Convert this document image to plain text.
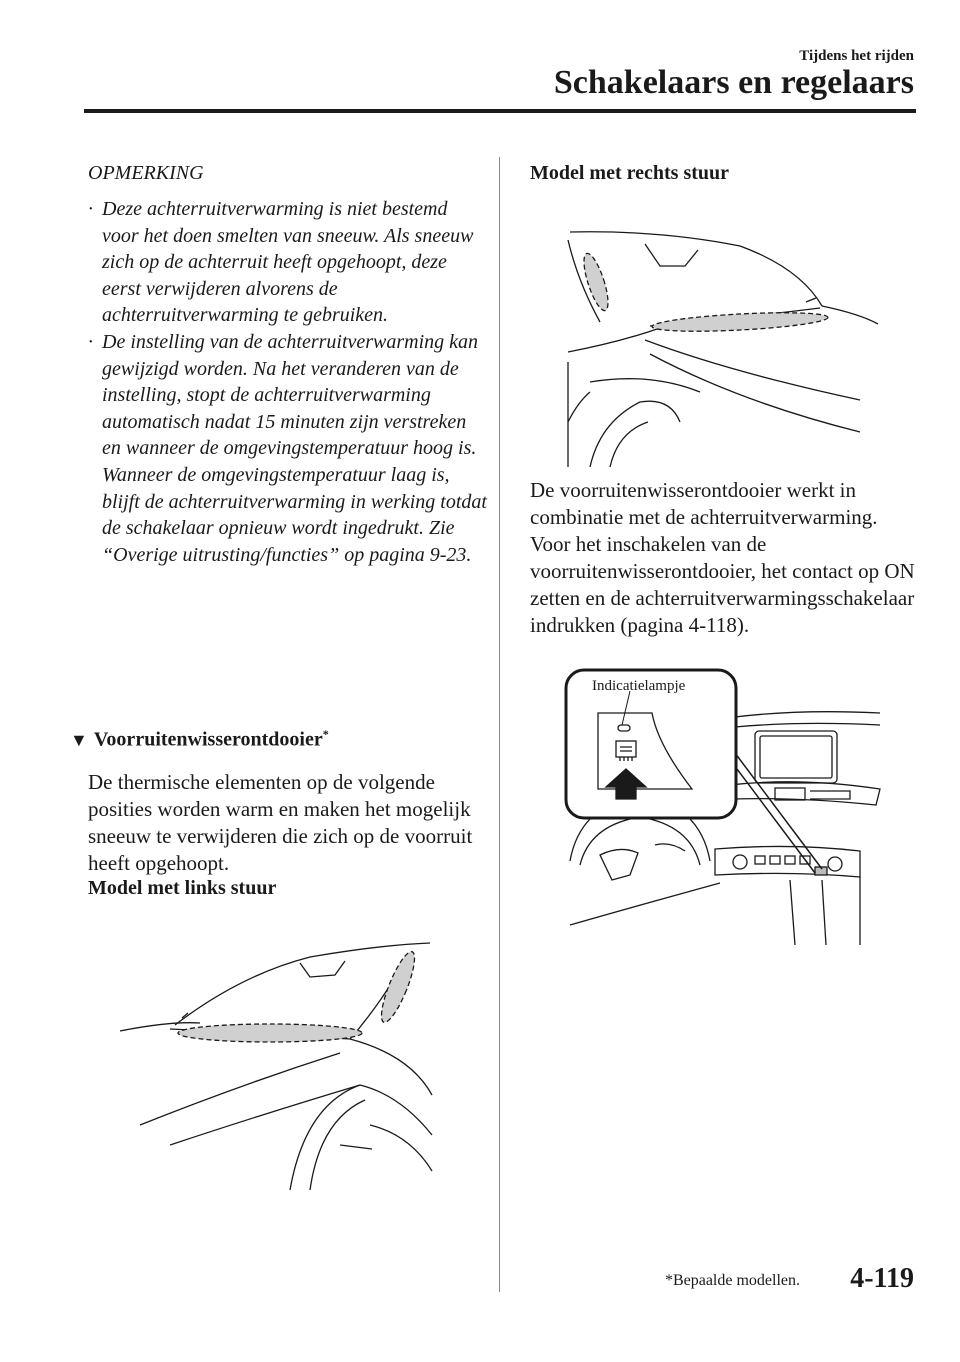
Tijdens het rijden
Schakelaars en regelaars
OPMERKING
· Deze achterruitverwarming is niet bestemd voor het doen smelten van sneeuw. Als sneeuw zich op de achterruit heeft opgehoopt, deze eerst verwijderen alvorens de achterruitverwarming te gebruiken.
· De instelling van de achterruitverwarming kan gewijzigd worden. Na het veranderen van de instelling, stopt de achterruitverwarming automatisch nadat 15 minuten zijn verstreken en wanneer de omgevingstemperatuur hoog is. Wanneer de omgevingstemperatuur laag is, blijft de achterruitverwarming in werking totdat de schakelaar opnieuw wordt ingedrukt. Zie “Overige uitrusting/functies” op pagina 9-23.
▼ Voorruitenwisserontdooier*
De thermische elementen op de volgende posities worden warm en maken het mogelijk sneeuw te verwijderen die zich op de voorruit heeft opgehoopt.
Model met links stuur
Model met rechts stuur
De voorruitenwisserontdooier werkt in combinatie met de achterruitverwarming. Voor het inschakelen van de voorruitenwisserontdooier, het contact op ON zetten en de achterruitverwarmingsschakelaar indrukken (pagina 4-118).
Indicatielampje
*Bepaalde modellen. 4-119
